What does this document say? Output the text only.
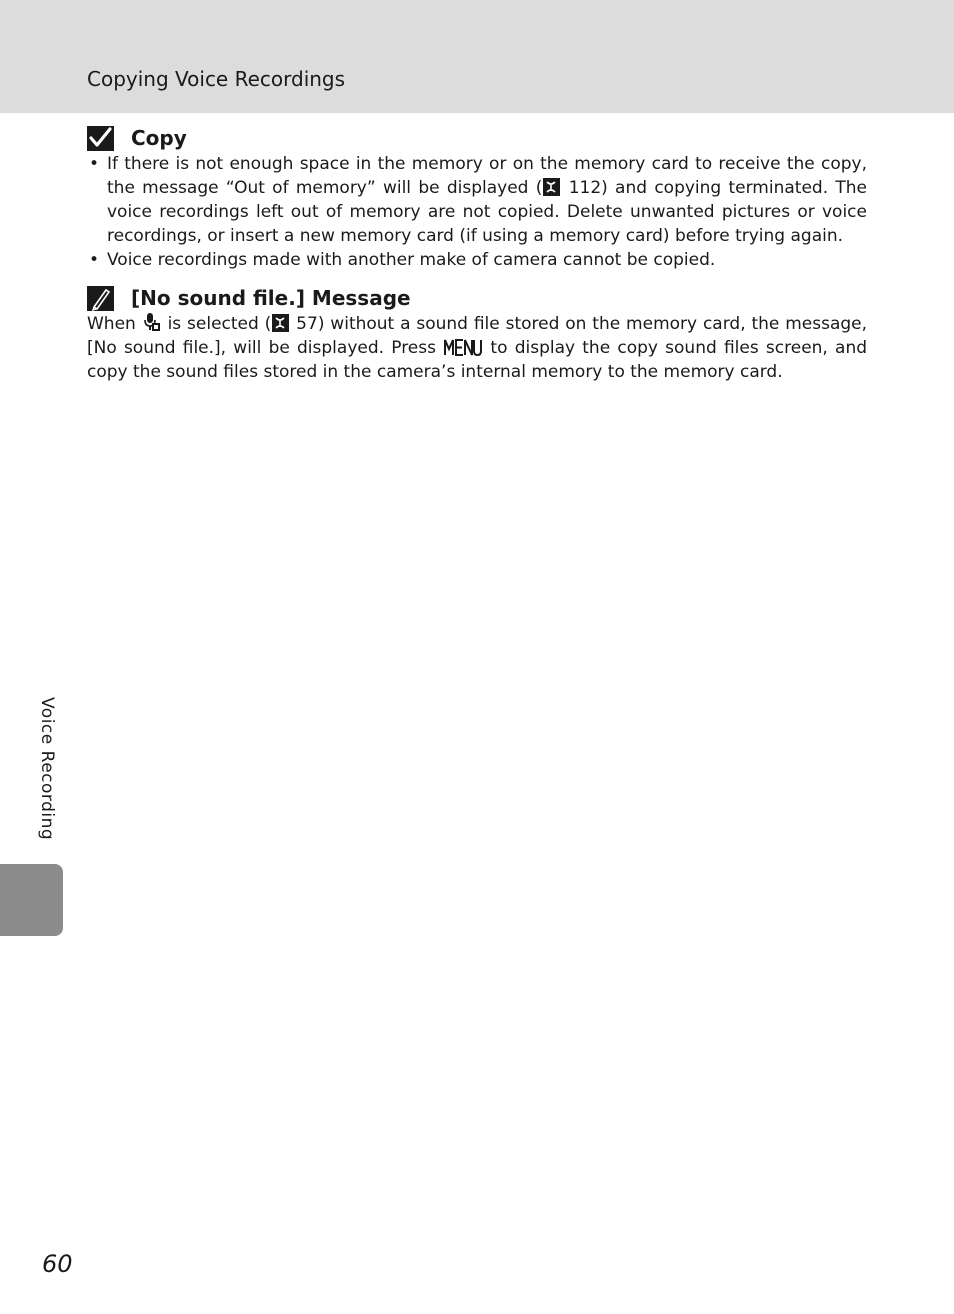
Copying Voice Recordings
Copy
• If there is not enough space in the memory or on the memory card to receive the copy, the message “Out of memory” will be displayed ( 112) and copying terminated. The voice recordings left out of memory are not copied. Delete unwanted pictures or voice recordings, or insert a new memory card (if using a memory card) before trying again.
• Voice recordings made with another make of camera cannot be copied.
[No sound file.] Message

When is selected ( 57) without a sound file stored on the memory card, the message, [No sound file.], will be displayed. Press	to display the copy sound files screen, and copy the sound files stored in the camera’s internal memory to the memory card.

Voice Recording
60
